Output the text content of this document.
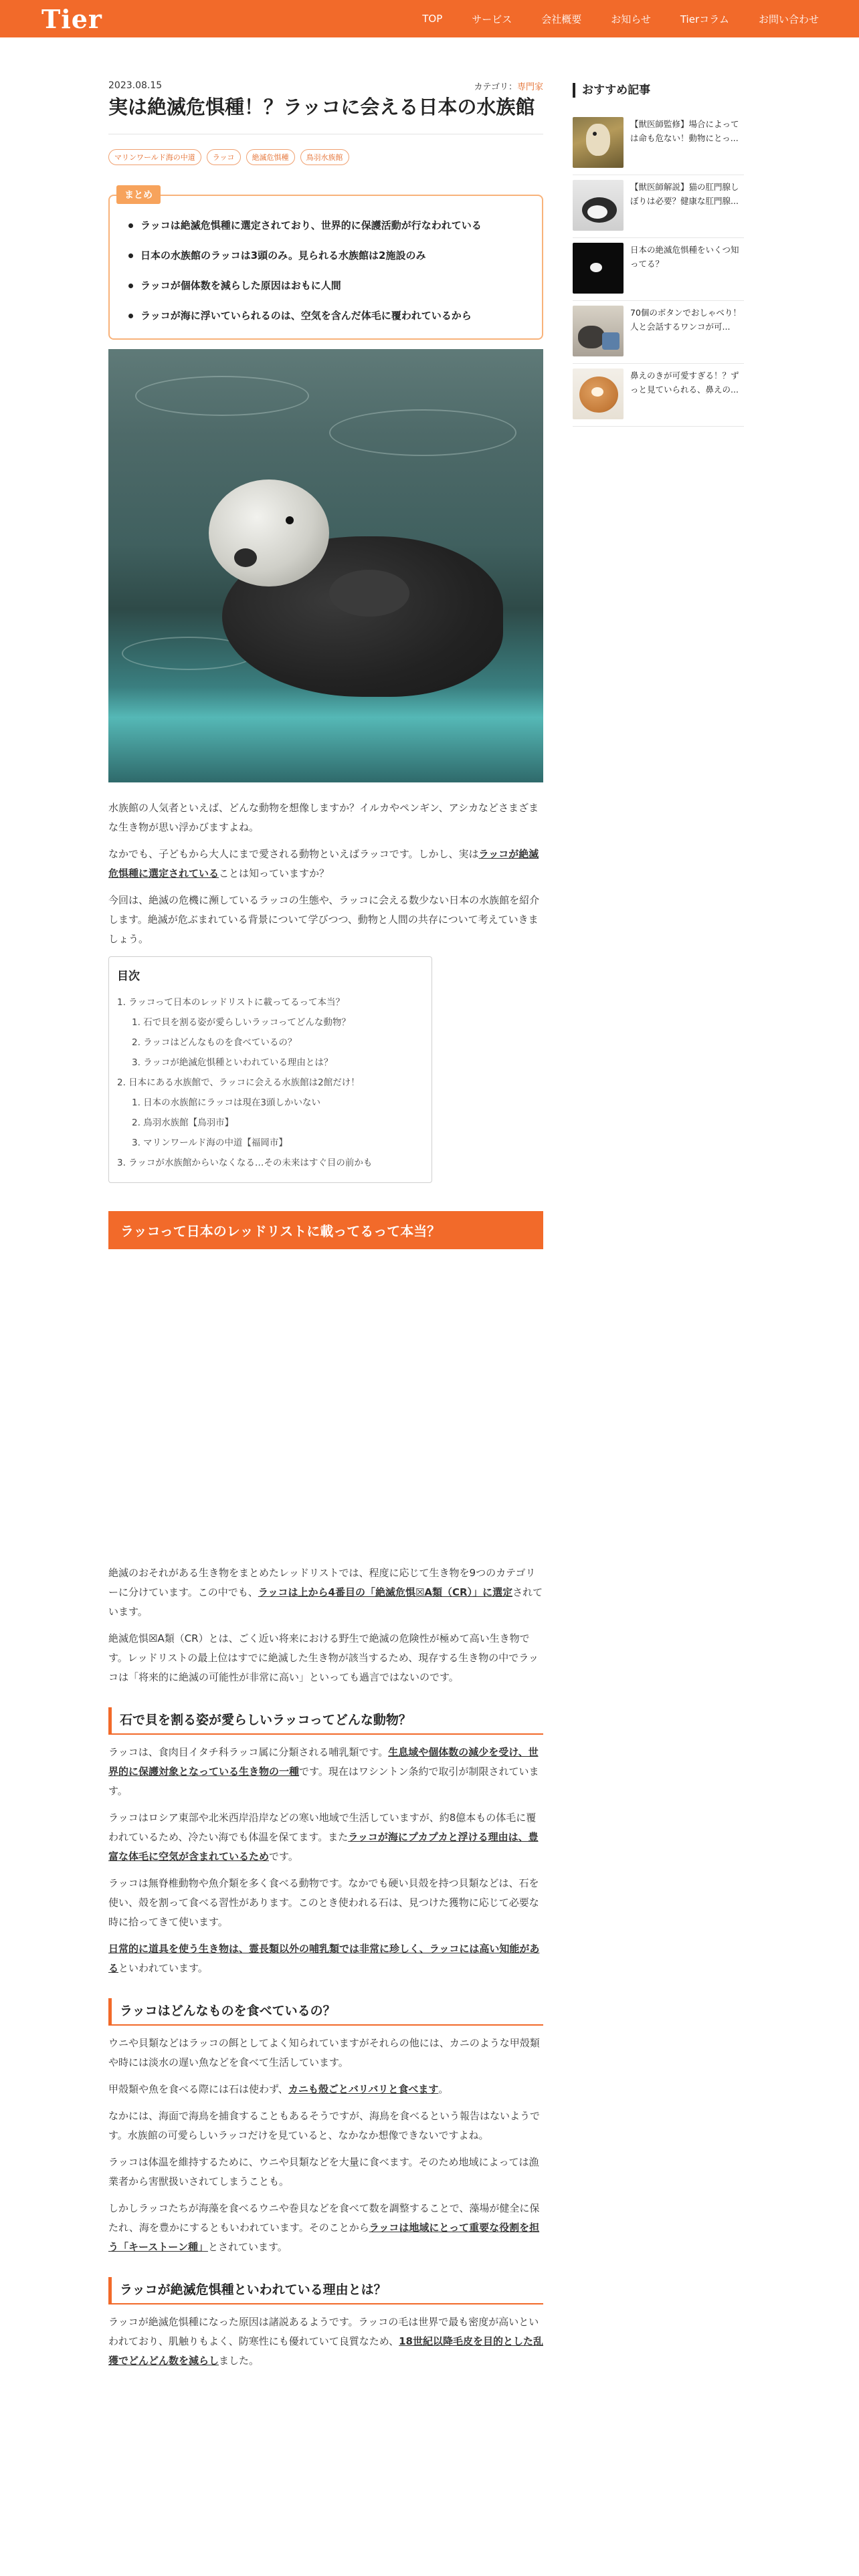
Tier	TOP	サービス	会社概要	お知らせ	Tierコラム	お問い合わせ
2023.08.15	カテゴリ：専門家
実は絶滅危惧種！？ラッコに会える日本の水族館
マリンワールド海の中道	ラッコ	絶滅危惧種	鳥羽水族館
まとめ
ラッコは絶滅危惧種に選定されており、世界的に保護活動が行なわれている
日本の水族館のラッコは3頭のみ。見られる水族館は2施設のみ
ラッコが個体数を減らした原因はおもに人間
ラッコが海に浮いていられるのは、空気を含んだ体毛に覆われているから

水族館の人気者といえば、どんな動物を想像しますか？イルカやペンギン、アシカなどさまざまな生き物が思い浮かびますよね。

なかでも、子どもから大人にまで愛される動物といえばラッコです。しかし、実はラッコが絶滅危惧種に選定されていることは知っていますか？

今回は、絶滅の危機に瀕しているラッコの生態や、ラッコに会える数少ない日本の水族館を紹介します。絶滅が危ぶまれている背景について学びつつ、動物と人間の共存について考えていきましょう。

目次
1. ラッコって日本のレッドリストに載ってるって本当？
1. 石で貝を割る姿が愛らしいラッコってどんな動物？
2. ラッコはどんなものを食べているの？
3. ラッコが絶滅危惧種といわれている理由とは？
2. 日本にある水族館で、ラッコに会える水族館は2館だけ！
1. 日本の水族館にラッコは現在3頭しかいない
2. 鳥羽水族館【鳥羽市】
3. マリンワールド海の中道【福岡市】
3. ラッコが水族館からいなくなる…その未来はすぐ目の前かも
ラッコって日本のレッドリストに載ってるって本当？

絶滅のおそれがある生き物をまとめたレッドリストでは、程度に応じて生き物を9つのカテゴリーに分けています。この中でも、ラッコは上から4番目の「絶滅危惧☒A類（CR）」に選定されています。

絶滅危惧☒A類（CR）とは、ごく近い将来における野生で絶滅の危険性が極めて高い生き物です。レッドリストの最上位はすでに絶滅した生き物が該当するため、現存する生き物の中でラッコは「将来的に絶滅の可能性が非常に高い」といっても過言ではないのです。

石で貝を割る姿が愛らしいラッコってどんな動物？

ラッコは、食肉目イタチ科ラッコ属に分類される哺乳類です。生息域や個体数の減少を受け、世界的に保護対象となっている生き物の一種です。現在はワシントン条約で取引が制限されています。

ラッコはロシア東部や北米西岸沿岸などの寒い地域で生活していますが、約8億本もの体毛に覆われているため、冷たい海でも体温を保てます。またラッコが海にプカプカと浮ける理由は、豊富な体毛に空気が含まれているためです。

ラッコは無脊椎動物や魚介類を多く食べる動物です。なかでも硬い貝殻を持つ貝類などは、石を使い、殻を割って食べる習性があります。このとき使われる石は、見つけた獲物に応じて必要な時に拾ってきて使います。

日常的に道具を使う生き物は、霊長類以外の哺乳類では非常に珍しく、ラッコには高い知能があるといわれています。

ラッコはどんなものを食べているの？

ウニや貝類などはラッコの餌としてよく知られていますがそれらの他には、カニのような甲殻類や時には淡水の遅い魚などを食べて生活しています。

甲殻類や魚を食べる際には石は使わず、カニも殻ごとバリバリと食べます。

なかには、海面で海鳥を捕食することもあるそうですが、海鳥を食べるという報告はないようです。水族館の可愛らしいラッコだけを見ていると、なかなか想像できないですよね。

ラッコは体温を維持するために、ウニや貝類などを大量に食べます。そのため地域によっては漁業者から害獣扱いされてしまうことも。

しかしラッコたちが海藻を食べるウニや巻貝などを食べて数を調整することで、藻場が健全に保たれ、海を豊かにするともいわれています。そのことからラッコは地域にとって重要な役割を担う「キーストーン種」とされています。

ラッコが絶滅危惧種といわれている理由とは？

ラッコが絶滅危惧種になった原因は諸説あるようです。ラッコの毛は世界で最も密度が高いといわれており、肌触りもよく、防寒性にも優れていて良質なため、18世紀以降毛皮を目的とした乱獲でどんどん数を減らしました。

おすすめ記事
【獣医師監修】場合によっては命も危ない！動物にとっ...
【獣医師解説】猫の肛門腺しぼりは必要？健康な肛門腺...
日本の絶滅危惧種をいくつ知ってる？
70個のボタンでおしゃべり！人と会話するワンコが可...
鼻えのきが可愛すぎる！？ずっと見ていられる、鼻えの...
